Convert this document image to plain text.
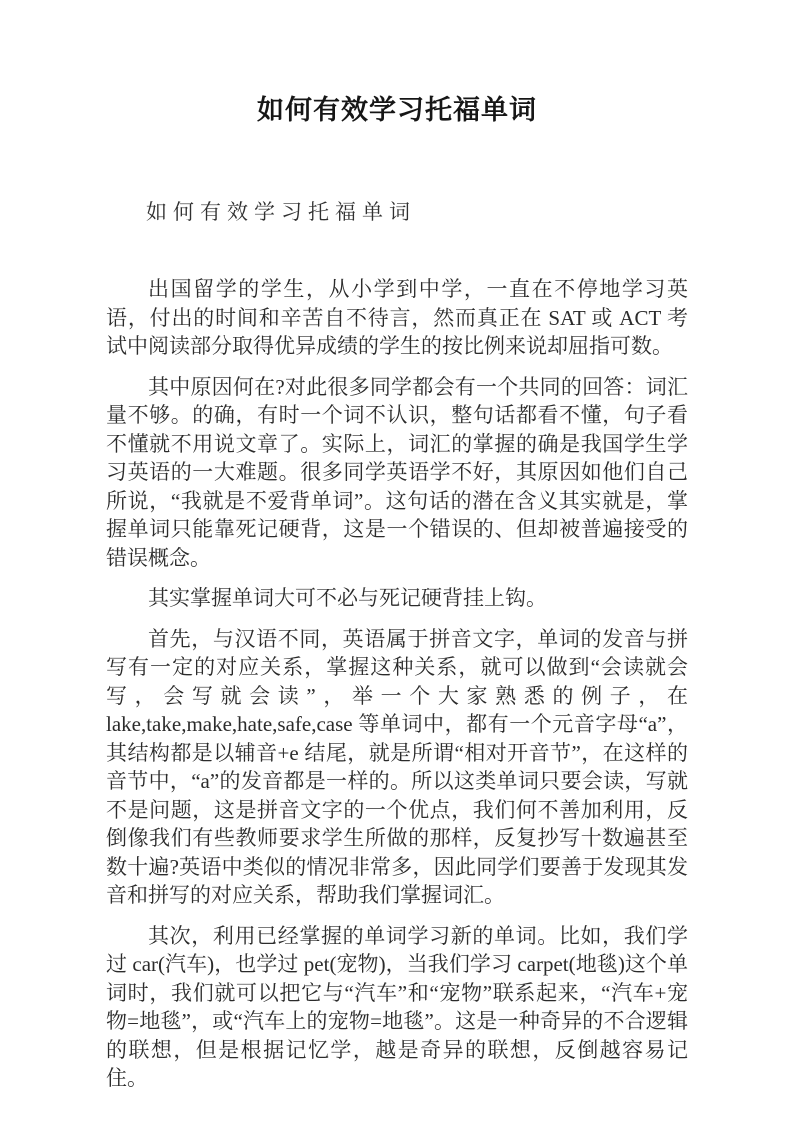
如何有效学习托福单词
如何有效学习托福单词

出国留学的学生，从小学到中学，一直在不停地学习英语，付出的时间和辛苦自不待言，然而真正在 SAT 或 ACT 考试中阅读部分取得优异成绩的学生的按比例来说却屈指可数。

其中原因何在?对此很多同学都会有一个共同的回答：词汇量不够。的确，有时一个词不认识，整句话都看不懂，句子看不懂就不用说文章了。实际上，词汇的掌握的确是我国学生学习英语的一大难题。很多同学英语学不好，其原因如他们自己所说，“我就是不爱背单词”。这句话的潜在含义其实就是，掌握单词只能靠死记硬背，这是一个错误的、但却被普遍接受的错误概念。

其实掌握单词大可不必与死记硬背挂上钩。

首先，与汉语不同，英语属于拼音文字，单词的发音与拼写有一定的对应关系，掌握这种关系，就可以做到“会读就会写，会写就会读”，举一个大家熟悉的例子，在 lake,take,make,hate,safe,case 等单词中，都有一个元音字母“a”，其结构都是以辅音+e 结尾，就是所谓“相对开音节”，在这样的音节中，“a”的发音都是一样的。所以这类单词只要会读，写就不是问题，这是拼音文字的一个优点，我们何不善加利用，反倒像我们有些教师要求学生所做的那样，反复抄写十数遍甚至数十遍?英语中类似的情况非常多，因此同学们要善于发现其发音和拼写的对应关系，帮助我们掌握词汇。

其次，利用已经掌握的单词学习新的单词。比如，我们学过 car(汽车)，也学过 pet(宠物)，当我们学习 carpet(地毯)这个单词时，我们就可以把它与“汽车”和“宠物”联系起来，“汽车+宠物=地毯”，或“汽车上的宠物=地毯”。这是一种奇异的不合逻辑的联想，但是根据记忆学，越是奇异的联想，反倒越容易记住。
